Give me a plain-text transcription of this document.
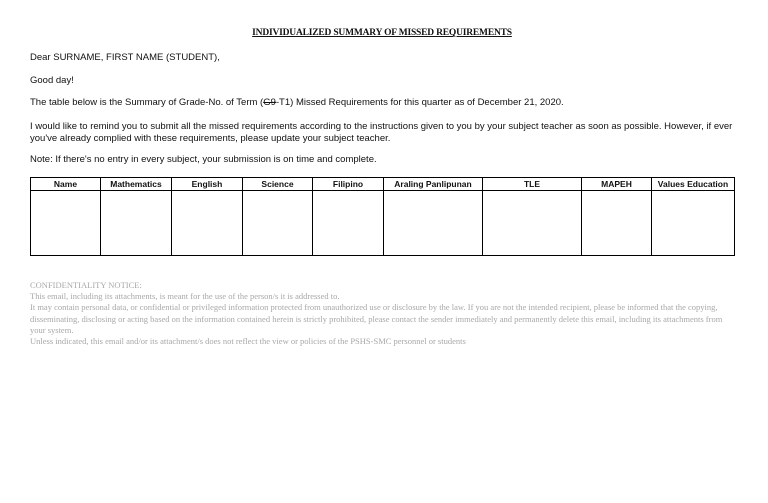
INDIVIDUALIZED SUMMARY OF MISSED REQUIREMENTS
Dear SURNAME, FIRST NAME (STUDENT),
Good day!
The table below is the Summary of Grade-No. of Term (G9-T1) Missed Requirements for this quarter as of December 21, 2020.
I would like to remind you to submit all the missed requirements according to the instructions given to you by your subject teacher as soon as possible. However, if ever you've already complied with these requirements, please update your subject teacher.
Note: If there's no entry in every subject, your submission is on time and complete.
Name	Mathematics	English	Science	Filipino	Araling Panlipunan	TLE	MAPEH	Values Education

CONFIDENTIALITY NOTICE:
This email, including its attachments, is meant for the use of the person/s it is addressed to.
It may contain personal data, or confidential or privileged information protected from unauthorized use or disclosure by the law. If you are not the intended recipient, please be informed that the copying, disseminating, disclosing or acting based on the information contained herein is strictly prohibited, please contact the sender immediately and permanently delete this email, including its attachments from your system.
Unless indicated, this email and/or its attachment/s does not reflect the view or policies of the PSHS-SMC personnel or students
